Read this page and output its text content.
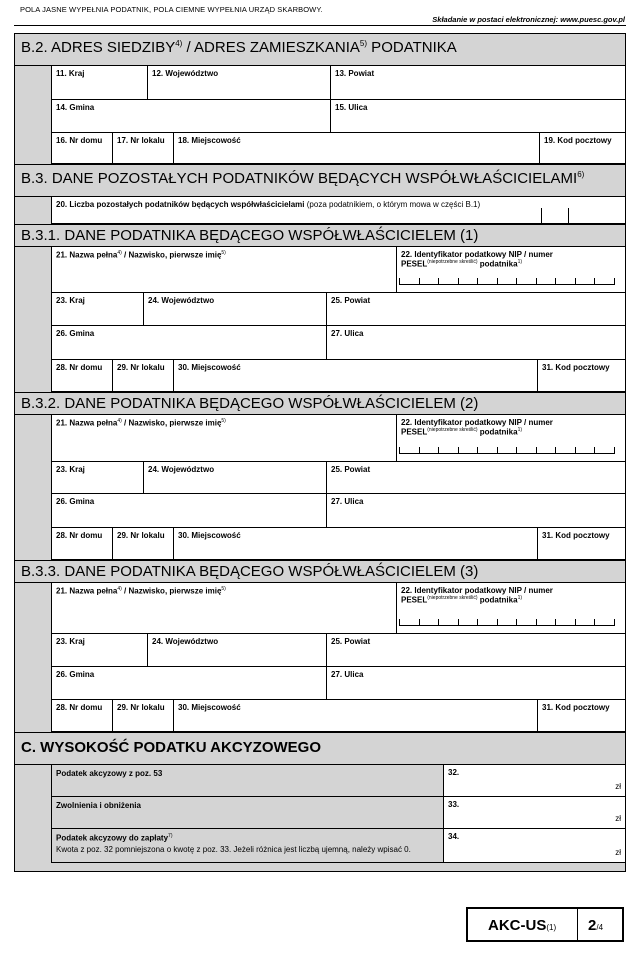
POLA JASNE WYPEŁNIA PODATNIK, POLA CIEMNE WYPEŁNIA URZĄD SKARBOWY.
Składanie w postaci elektronicznej: www.puesc.gov.pl
B.2. ADRES SIEDZIBY$^{4)}$ / ADRES ZAMIESZKANIA$^{5)}$ PODATNIKA
11. Kraj	12. Województwo	13. Powiat
14. Gmina	15. Ulica
16. Nr domu	17. Nr lokalu	18. Miejscowość	19. Kod pocztowy
B.3. DANE POZOSTAŁYCH PODATNIKÓW BĘDĄCYCH WSPÓŁWŁAŚCICIELAMI$^{6)}$
20. Liczba pozostałych podatników będących współwłaścicielami (poza podatnikiem, o którym mowa w części B.1)
B.3.1. DANE PODATNIKA BĘDĄCEGO WSPÓŁWŁAŚCICIELEM (1)
21. Nazwa pełna$^{4)}$ / Nazwisko, pierwsze imię$^{5)}$	22. Identyfikator podatkowy NIP / numer
$PESEL^{(niepotrzebne skreślić)}$ podatnika$^{1)}$
23. Kraj	24. Województwo	25. Powiat
26. Gmina	27. Ulica
28. Nr domu	29. Nr lokalu	30. Miejscowość	31. Kod pocztowy
B.3.2. DANE PODATNIKA BĘDĄCEGO WSPÓŁWŁAŚCICIELEM (2)
21. Nazwa pełna$^{4)}$ / Nazwisko, pierwsze imię$^{5)}$	22. Identyfikator podatkowy NIP / numer
$PESEL^{(niepotrzebne skreślić)}$ podatnika$^{1)}$
23. Kraj	24. Województwo	25. Powiat
26. Gmina	27. Ulica
28. Nr domu	29. Nr lokalu	30. Miejscowość	31. Kod pocztowy
B.3.3. DANE PODATNIKA BĘDĄCEGO WSPÓŁWŁAŚCICIELEM (3)
21. Nazwa pełna$^{4)}$ / Nazwisko, pierwsze imię$^{5)}$	22. Identyfikator podatkowy NIP / numer
$PESEL^{(niepotrzebne skreślić)}$ podatnika$^{1)}$
23. Kraj	24. Województwo	25. Powiat
26. Gmina	27. Ulica
28. Nr domu	29. Nr lokalu	30. Miejscowość	31. Kod pocztowy
C. WYSOKOŚĆ PODATKU AKCYZOWEGO
Podatek akcyzowy z poz. 53	32.
zł
Zwolnienia i obniżenia	33.
zł
Podatek akcyzowy do zapłaty$^{7)}$
Kwota z poz. 32 pomniejszona o kwotę z poz. 33. Jeżeli różnica jest liczbą ujemną, należy wpisać 0.
34.
zł
AKC-US(1)	2/4
